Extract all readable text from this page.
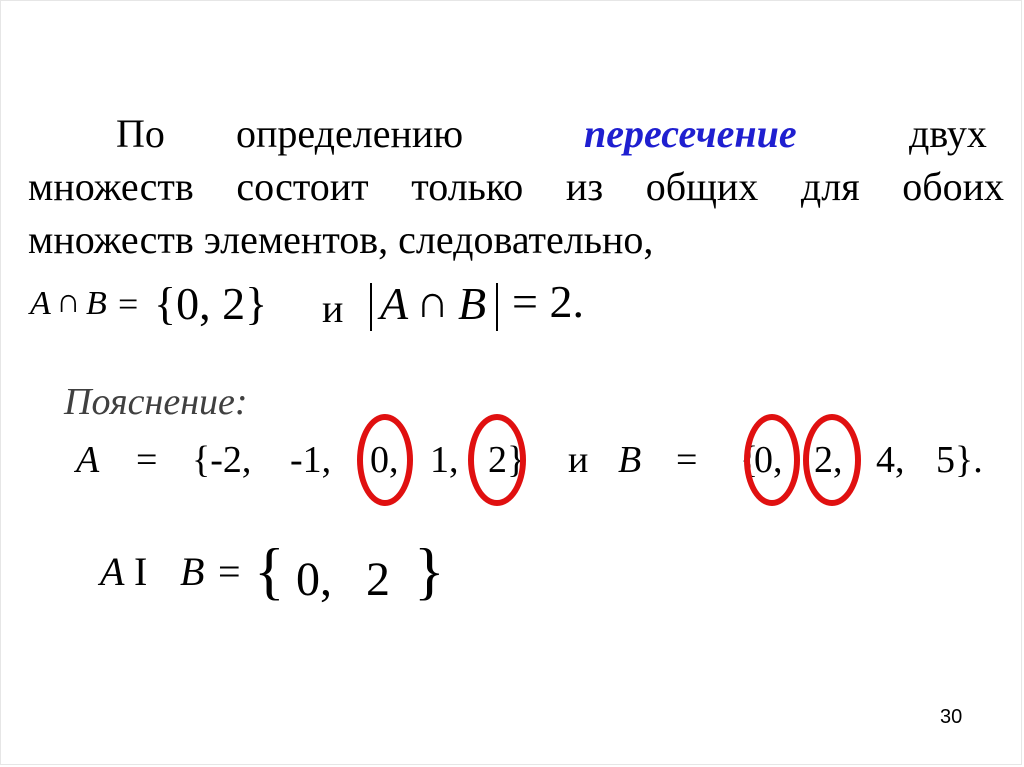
По определению	пересечение	двух
множеств состоит только из общих для обоих
множеств элементов, следовательно,
A ∩ B = {0, 2} и A ∩ B = 2.
Пояснение:
A = {-2, -1, 0, 1, 2} и B = {
0, 2, 4, 5}.
A I B = { 0, 2 }
30
